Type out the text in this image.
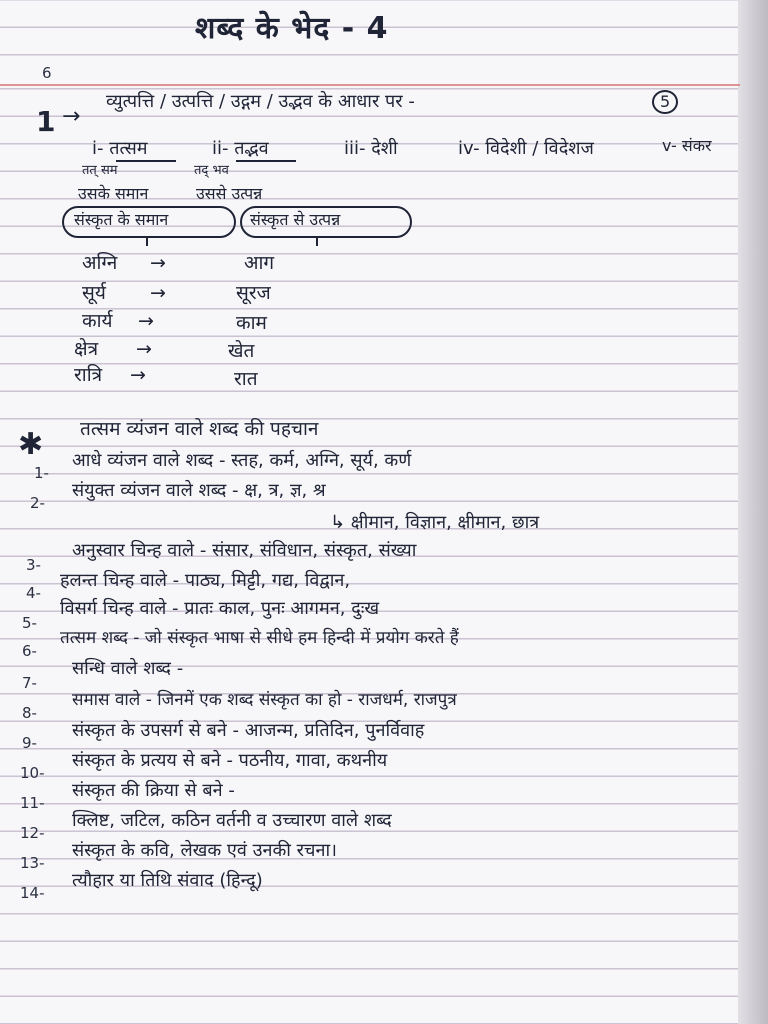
शब्द के भेद - 4
6
1 →
व्युत्पत्ति / उत्पत्ति / उद्गम / उद्भव के आधार पर -	5
i- तत्सम	ii- तद्भव	iii- देशी	iv- विदेशी / विदेशज	v- संकर
तत् सम	तद् भव
उसके समान	उससे उत्पन्न
संस्कृत के समान	संस्कृत से उत्पन्न
अग्नि →	आग
सूर्य →	सूरज
कार्य →	काम
क्षेत्र →	खेत
रात्रि →	रात
तत्सम व्यंजन वाले शब्द की पहचान
✱
1-
आधे व्यंजन वाले शब्द - स्तह, कर्म, अग्नि, सूर्य, कर्ण
2-
संयुक्त व्यंजन वाले शब्द - क्ष, त्र, ज्ञ, श्र
↳ क्षीमान, विज्ञान, क्षीमान, छात्र
3-
अनुस्वार चिन्ह वाले - संसार, संविधान, संस्कृत, संख्या
4-
हलन्त चिन्ह वाले - पाठ्य, मिट्टी, गद्य, विद्वान,
5-
विसर्ग चिन्ह वाले - प्रातः काल, पुनः आगमन, दुःख
6-
तत्सम शब्द - जो संस्कृत भाषा से सीधे हम हिन्दी में प्रयोग करते हैं
7-
सन्धि वाले शब्द -
8-
समास वाले - जिनमें एक शब्द संस्कृत का हो - राजधर्म, राजपुत्र
9-
संस्कृत के उपसर्ग से बने - आजन्म, प्रतिदिन, पुनर्विवाह
10-
संस्कृत के प्रत्यय से बने - पठनीय, गावा, कथनीय
11-
संस्कृत की क्रिया से बने -
12-
क्लिष्ट, जटिल, कठिन वर्तनी व उच्चारण वाले शब्द
13-
संस्कृत के कवि, लेखक एवं उनकी रचना।
14-
त्यौहार या तिथि संवाद (हिन्दू)
